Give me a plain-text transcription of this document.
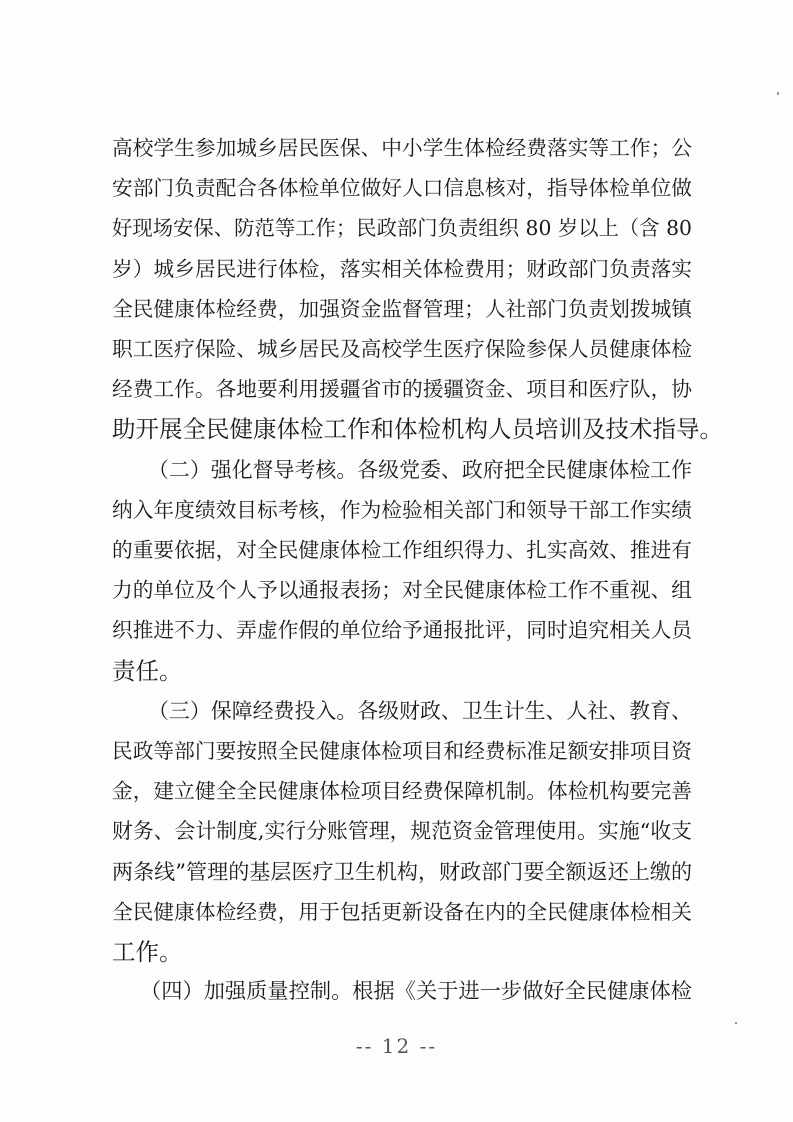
高校学生参加城乡居民医保、中小学生体检经费落实等工作；公
安部门负责配合各体检单位做好人口信息核对，指导体检单位做
好现场安保、防范等工作；民政部门负责组织 80 岁以上（含 80
岁）城乡居民进行体检，落实相关体检费用；财政部门负责落实
全民健康体检经费，加强资金监督管理；人社部门负责划拨城镇
职工医疗保险、城乡居民及高校学生医疗保险参保人员健康体检
经费工作。各地要利用援疆省市的援疆资金、项目和医疗队，协
助开展全民健康体检工作和体检机构人员培训及技术指导。
（二）强化督导考核。各级党委、政府把全民健康体检工作
纳入年度绩效目标考核，作为检验相关部门和领导干部工作实绩
的重要依据，对全民健康体检工作组织得力、扎实高效、推进有
力的单位及个人予以通报表扬；对全民健康体检工作不重视、组
织推进不力、弄虚作假的单位给予通报批评，同时追究相关人员
责任。
（三）保障经费投入。各级财政、卫生计生、人社、教育、
民政等部门要按照全民健康体检项目和经费标准足额安排项目资
金，建立健全全民健康体检项目经费保障机制。体检机构要完善
财务、会计制度,实行分账管理，规范资金管理使用。实施“收支
两条线”管理的基层医疗卫生机构，财政部门要全额返还上缴的
全民健康体检经费，用于包括更新设备在内的全民健康体检相关
工作。
（四）加强质量控制。根据《关于进一步做好全民健康体检
-- 12 --
